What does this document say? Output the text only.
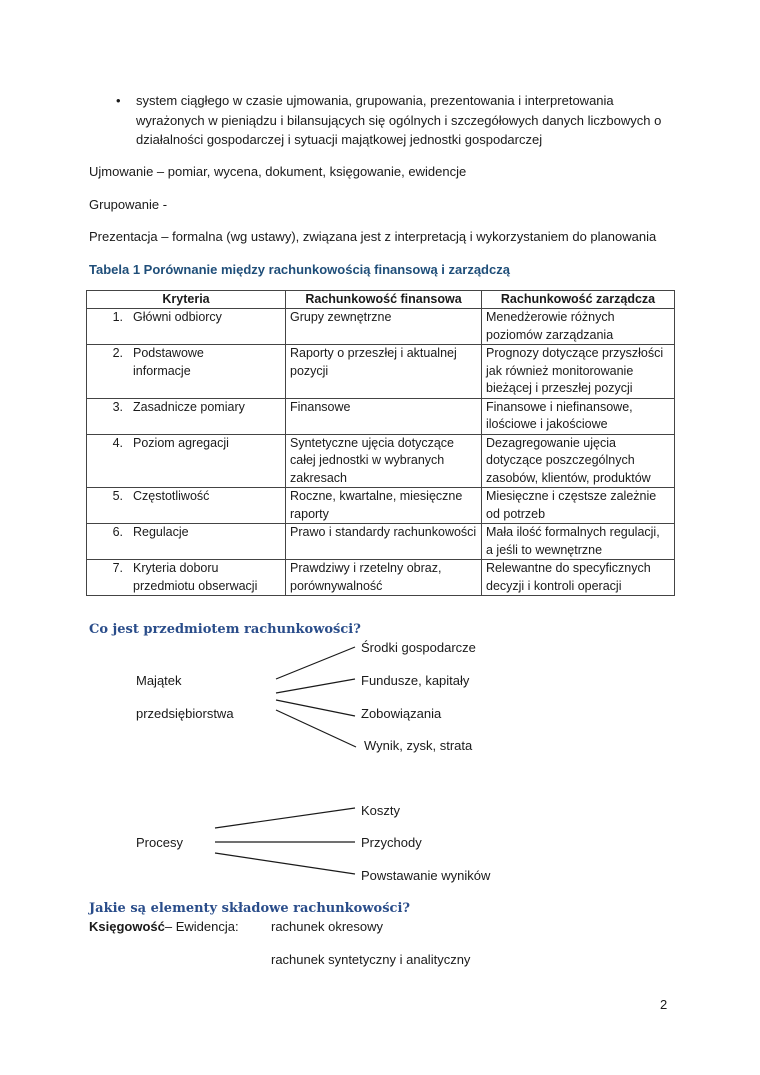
• system ciągłego w czasie ujmowania, grupowania, prezentowania i interpretowania
wyrażonych w pieniądzu i bilansujących się ogólnych i szczegółowych danych liczbowych o
działalności gospodarczej i sytuacji majątkowej jednostki gospodarczej
Ujmowanie – pomiar, wycena, dokument, księgowanie, ewidencje
Grupowanie -
Prezentacja – formalna (wg ustawy), związana jest z interpretacją i wykorzystaniem do planowania
Tabela 1 Porównanie między rachunkowością finansową i zarządczą
Kryteria	Rachunkowość finansowa	Rachunkowość zarządcza
1. Główni odbiorcy	Grupy zewnętrzne	Menedżerowie różnych poziomów zarządzania
2. Podstawowe informacje	Raporty o przeszłej i aktualnej pozycji	Prognozy dotyczące przyszłości jak również monitorowanie bieżącej i przeszłej pozycji
3. Zasadnicze pomiary	Finansowe	Finansowe i niefinansowe, ilościowe i jakościowe
4. Poziom agregacji	Syntetyczne ujęcia dotyczące całej jednostki w wybranych zakresach	Dezagregowanie ujęcia dotyczące poszczególnych zasobów, klientów, produktów
5. Częstotliwość	Roczne, kwartalne, miesięczne raporty	Miesięczne i częstsze zależnie od potrzeb
6. Regulacje	Prawo i standardy rachunkowości	Mała ilość formalnych regulacji, a jeśli to wewnętrzne
7. Kryteria doboru przedmiotu obserwacji	Prawdziwy i rzetelny obraz, porównywalność	Relewantne do specyficznych decyzji i kontroli operacji
Co jest przedmiotem rachunkowości?
Majątek
przedsiębiorstwa
Środki gospodarcze
Fundusze, kapitały
Zobowiązania
Wynik, zysk, strata
Procesy
Koszty
Przychody
Powstawanie wyników
Jakie są elementy składowe rachunkowości?
Księgowość– Ewidencja: rachunek okresowy
rachunek syntetyczny i analityczny
2
